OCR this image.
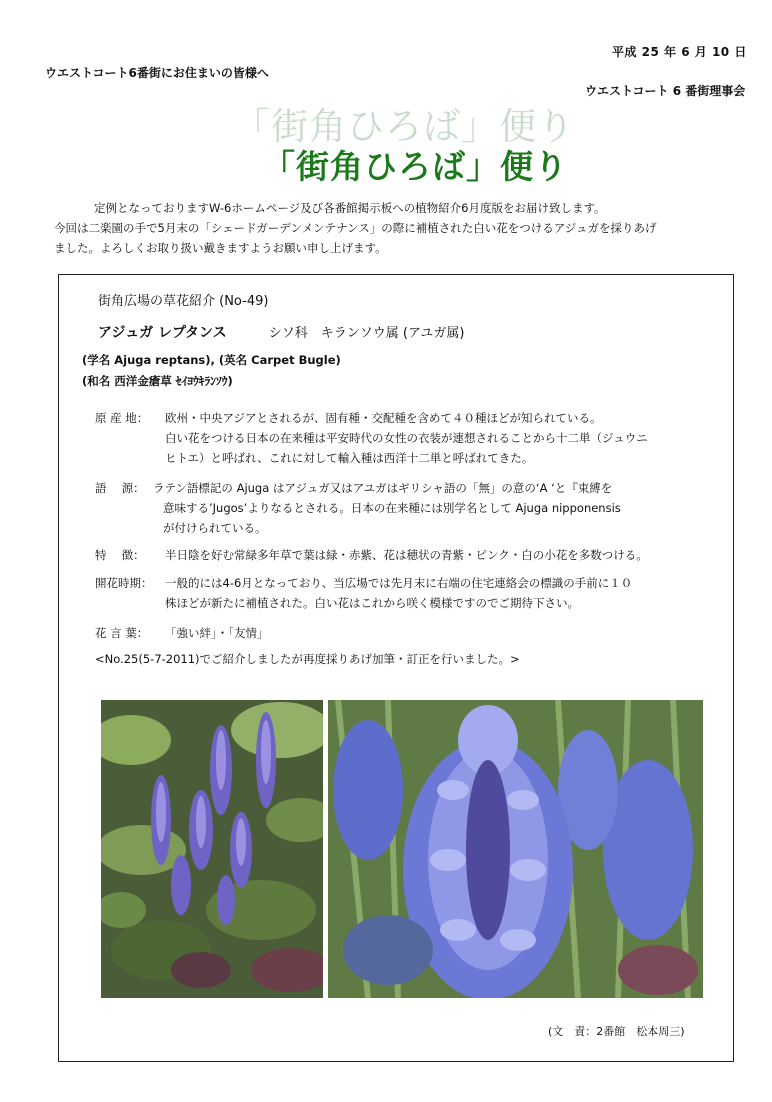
平成 25 年 6 月 10 日
ウエストコート6番街にお住まいの皆様へ
ウエストコート 6 番街理事会
「街角ひろば」便り
「街角ひろば」便り

定例となっておりますW-6ホームページ及び各番館掲示板への植物紹介6月度版をお届け致します。

今回は二楽園の手で5月末の「シェードガーデンメンテナンス」の際に補植された白い花をつけるアジュガを採りあげ

ました。よろしくお取り扱い戴きますようお願い申し上げます。

街角広場の草花紹介 (No-49)
アジュガ レプタンス	シソ科　キランソウ属 (アユガ属)
(学名 Ajuga reptans), (英名 Carpet Bugle)
(和名 西洋金瘡草 ｾｲﾖｳｷﾗﾝｿｳ)
原 産 地：	欧州・中央アジアとされるが、固有種・交配種を含めて４０種ほどが知られている。

白い花をつける日本の在来種は平安時代の女性の衣装が連想されることから十二単（ジュウニ

ヒトエ）と呼ばれ、これに対して輸入種は西洋十二単と呼ばれてきた。

語　 源： ラテン語標記の Ajuga はアジュガ又はアユガはギリシャ語の「無」の意の‘A ‘と『束縛を

意味する’Jugos’よりなるとされる。日本の在来種には別学名として Ajuga nipponensis

が付けられている。

特　 徴：	半日陰を好む常緑多年草で葉は緑・赤紫、花は穂状の青紫・ピンク・白の小花を多数つける。

開花時期：	一般的には4-6月となっており、当広場では先月末に右端の住宅連絡会の標識の手前に１０

株ほどが新たに補植された。白い花はこれから咲く模様ですのでご期待下さい。

花 言 葉：	「強い絆」・「友情」

<No.25(5-7-2011)でご紹介しましたが再度採りあげ加筆・訂正を行いました。>
(文　責：2番館　松本周三)
